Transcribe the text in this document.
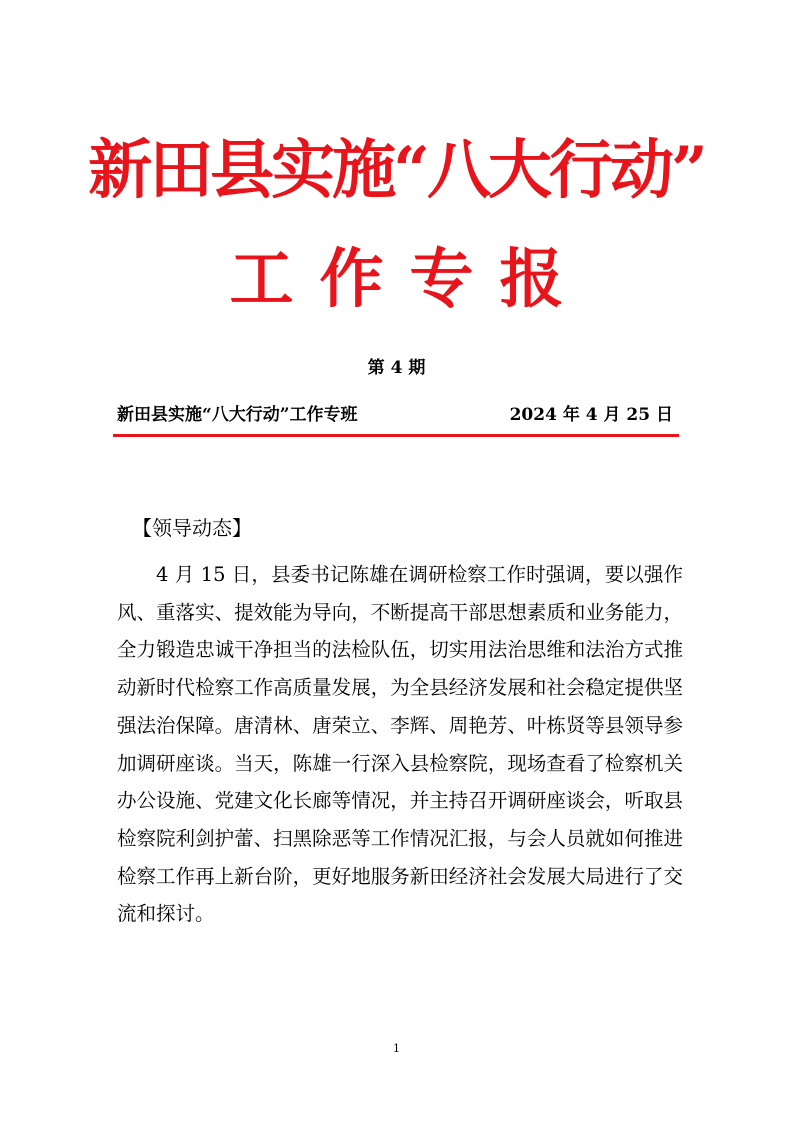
新田县实施“八大行动”
工作专报
第 4 期
新田县实施“八大行动”工作专班	2024 年 4 月 25 日
【领导动态】

4 月 15 日，县委书记陈雄在调研检察工作时强调，要以强作风、重落实、提效能为导向，不断提高干部思想素质和业务能力，全力锻造忠诚干净担当的法检队伍，切实用法治思维和法治方式推动新时代检察工作高质量发展，为全县经济发展和社会稳定提供坚强法治保障。唐清林、唐荣立、李辉、周艳芳、叶栋贤等县领导参加调研座谈。当天，陈雄一行深入县检察院，现场查看了检察机关办公设施、党建文化长廊等情况，并主持召开调研座谈会，听取县检察院利剑护蕾、扫黑除恶等工作情况汇报，与会人员就如何推进检察工作再上新台阶，更好地服务新田经济社会发展大局进行了交流和探讨。

1
